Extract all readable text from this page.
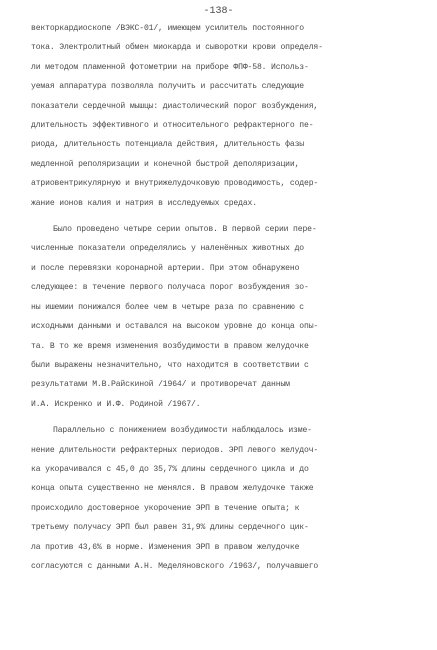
-138-
векторкардиоскопе /ВЭКС-01/, имеющем усилитель постоянного
тока. Электролитный обмен миокарда и сыворотки крови определя-
ли методом пламенной фотометрии на приборе ФПФ-58. Использ-
уемая аппаратура позволяла получить и рассчитать следующие
показатели сердечной мышцы: диастолический порог возбуждения,
длительность эффективного и относительного рефрактерного пе-
риода, длительность потенциала действия, длительность фазы
медленной реполяризации и конечной быстрой деполяризации,
атриовентрикулярную и внутрижелудочковую проводимость, содер-
жание ионов калия и натрия в исследуемых средах.
Было проведено четыре серии опытов. В первой серии пере-
численные показатели определялись у наленённых животных до
и после перевязки коронарной артерии. При этом обнаружено
следующее: в течение первого получаса порог возбуждения зо-
ны ишемии понижался более чем в четыре раза по сравнению с
исходными данными и оставался на высоком уровне до конца опы-
та. В то же время изменения возбудимости в правом желудочке
были выражены незначительно, что находится в соответствии с
результатами М.В.Райскиной /1964/ и противоречат данным
И.А. Искренко и И.Ф. Родиной /1967/.
Параллельно с понижением возбудимости наблюдалось изме-
нение длительности рефрактерных периодов. ЭРП левого желудоч-
ка укорачивался с 45,0 до 35,7% длины сердечного цикла и до
конца опыта существенно не менялся. В правом желудочке также
происходило достоверное укорочение ЭРП в течение опыта; к
третьему получасу ЭРП был равен 31,9% длины сердечного цик-
ла против 43,6% в норме. Изменения ЭРП в правом желудочке
согласуются с данными А.Н. Меделяновского /1963/, получавшего
